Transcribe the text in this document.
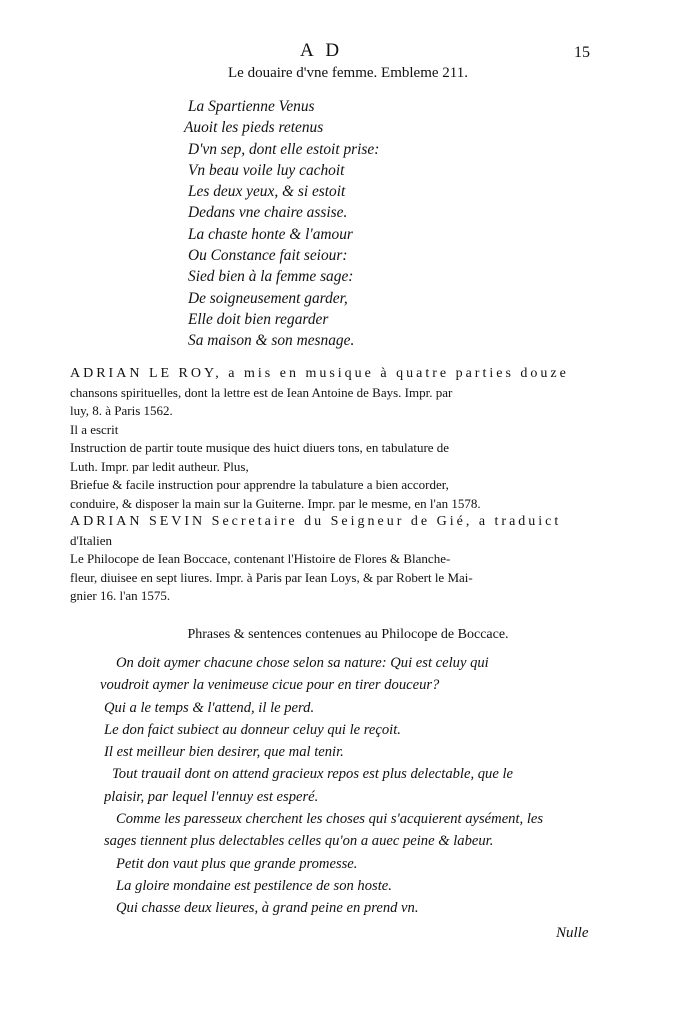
A D	15
Le douaire d'vne femme. Embleme 211.
La Spartienne Venus
Auoit les pieds retenus
D'vn sep, dont elle estoit prise:
Vn beau voile luy cachoit
Les deux yeux, & si estoit
Dedans vne chaire assise.
La chaste honte & l'amour
Ou Constance fait seiour:
Sied bien à la femme sage:
De soigneusement garder,
Elle doit bien regarder
Sa maison & son mesnage.
ADRIAN LE ROY, a mis en musique à quatre parties douze
chansons spirituelles, dont la lettre est de Iean Antoine de Bays. Impr. par
luy, 8. à Paris 1562.
Il a escrit
Instruction de partir toute musique des huict diuers tons, en tabulature de
Luth. Impr. par ledit autheur. Plus,
Briefue & facile instruction pour apprendre la tabulature a bien accorder,
conduire, & disposer la main sur la Guiterne. Impr. par le mesme, en l'an 1578.
ADRIAN SEVIN Secretaire du Seigneur de Gié, a traduict
d'Italien
Le Philocope de Iean Boccace, contenant l'Histoire de Flores & Blanche-
fleur, diuisee en sept liures. Impr. à Paris par Iean Loys, & par Robert le Mai-
gnier 16. l'an 1575.
Phrases & sentences contenues au Philocope de Boccace.
On doit aymer chacune chose selon sa nature: Qui est celuy qui
voudroit aymer la venimeuse cicue pour en tirer douceur?
Qui a le temps & l'attend, il le perd.
Le don faict subiect au donneur celuy qui le reçoit.
Il est meilleur bien desirer, que mal tenir.
Tout trauail dont on attend gracieux repos est plus delectable, que le
plaisir, par lequel l'ennuy est esperé.
Comme les paresseux cherchent les choses qui s'acquierent aysément, les
sages tiennent plus delectables celles qu'on a auec peine & labeur.
Petit don vaut plus que grande promesse.
La gloire mondaine est pestilence de son hoste.
Qui chasse deux lieures, à grand peine en prend vn.
Nulle
